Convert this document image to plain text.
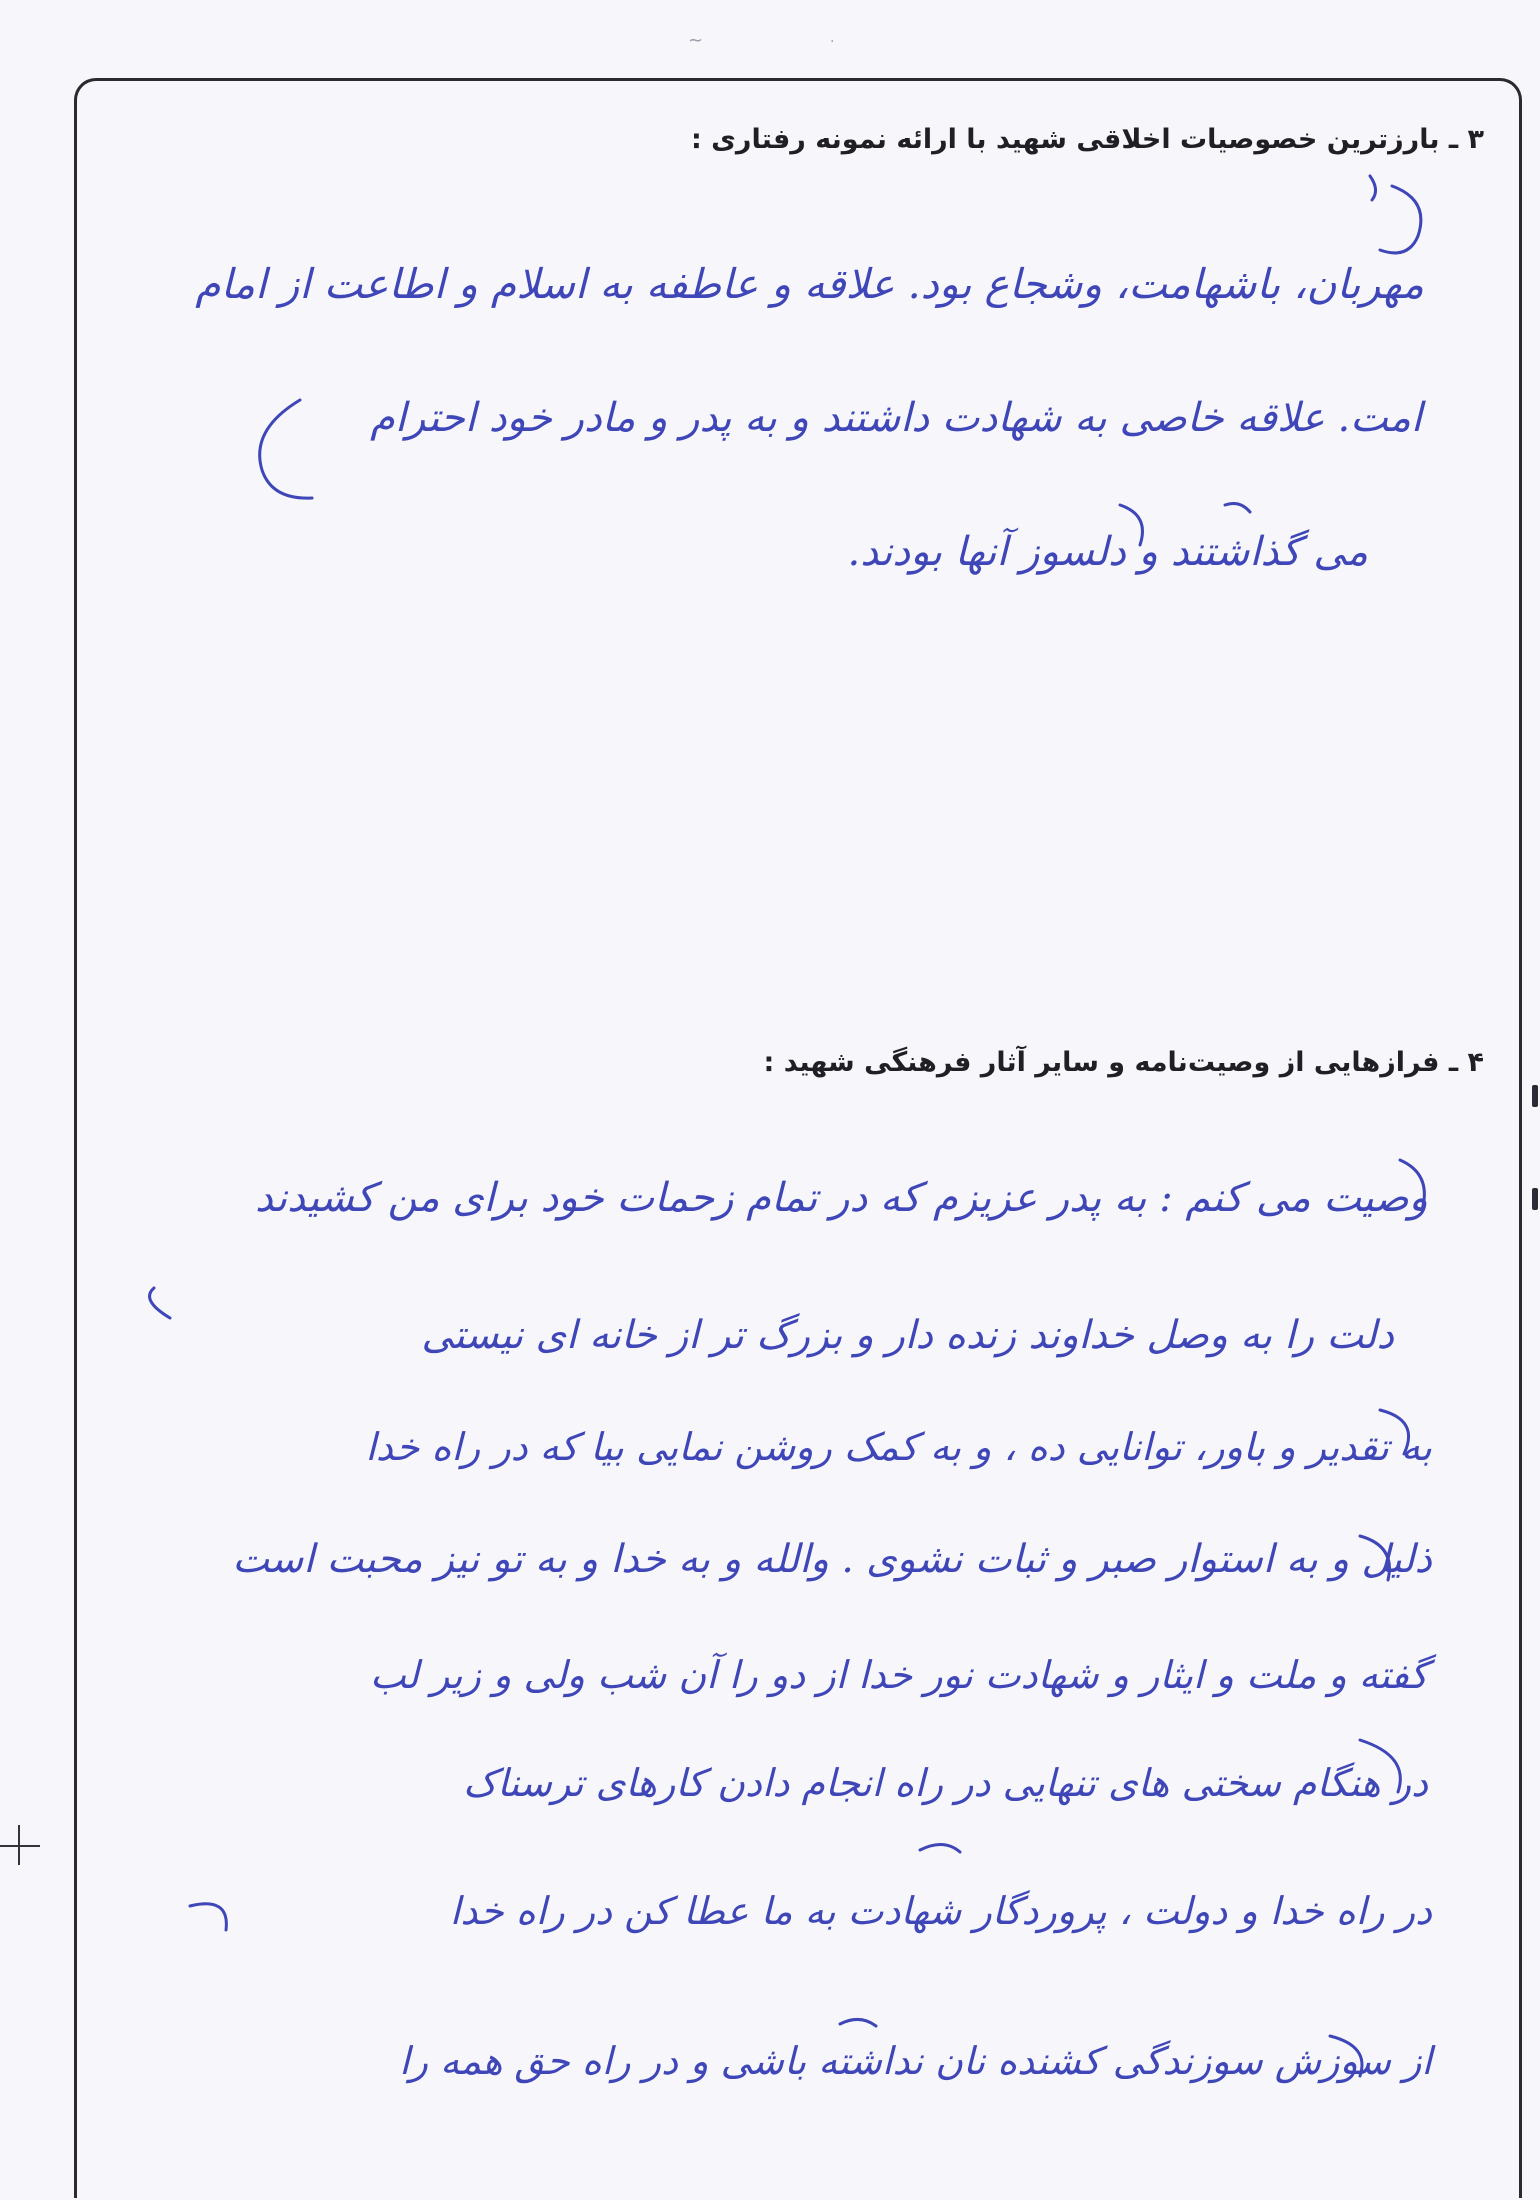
~	·
۳ ـ بارزترین خصوصیات اخلاقی شهید با ارائه نمونه رفتاری :
مهربان، باشهامت، وشجاع بود. علاقه و عاطفه به اسلام و اطاعت از امام
امت. علاقه خاصی به شهادت داشتند و به پدر و مادر خود احترام
می گذاشتند و دلسوز آنها بودند.
۴ ـ فرازهایی از وصیت‌نامه و سایر آثار فرهنگی شهید :
وصیت می کنم : به پدر عزیزم که در تمام زحمات خود برای من کشیدند
دلت را به وصل خداوند زنده دار و بزرگ تر از خانه ای نیستی
به تقدیر و باور، توانایی ده ، و به کمک روشن نمایی بیا که در راه خدا
ذلیل و به استوار صبر و ثبات نشوی . والله و به خدا و به تو نیز محبت است
گفته و ملت و ایثار و شهادت نور خدا از دو را آن شب ولی و زیر لب
در هنگام سختی های تنهایی در راه انجام دادن کارهای ترسناک
در راه خدا و دولت ، پروردگار شهادت به ما عطا کن در راه خدا
از سوزش سوزندگی کشنده نان نداشته باشی و در راه حق همه را
